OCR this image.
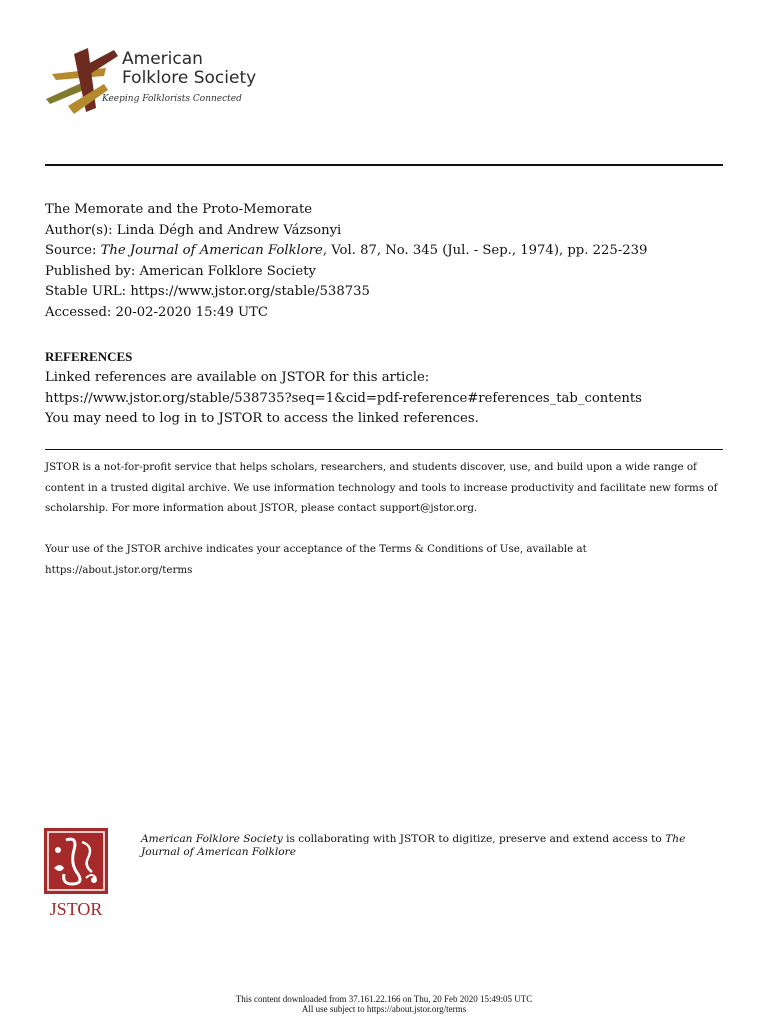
American
Folklore Society
Keeping Folklorists Connected
The Memorate and the Proto-Memorate
Author(s): Linda Dégh and Andrew Vázsonyi
Source: The Journal of American Folklore, Vol. 87, No. 345 (Jul. - Sep., 1974), pp. 225-239
Published by: American Folklore Society
Stable URL: https://www.jstor.org/stable/538735
Accessed: 20-02-2020 15:49 UTC
REFERENCES
Linked references are available on JSTOR for this article:
https://www.jstor.org/stable/538735?seq=1&cid=pdf-reference#references_tab_contents
You may need to log in to JSTOR to access the linked references.

JSTOR is a not-for-profit service that helps scholars, researchers, and students discover, use, and build upon a wide range of content in a trusted digital archive. We use information technology and tools to increase productivity and facilitate new forms of scholarship. For more information about JSTOR, please contact support@jstor.org.

Your use of the JSTOR archive indicates your acceptance of the Terms & Conditions of Use, available at https://about.jstor.org/terms

JSTOR
American Folklore Society is collaborating with JSTOR to digitize, preserve and extend access to The Journal of American Folklore
This content downloaded from 37.161.22.166 on Thu, 20 Feb 2020 15:49:05 UTC
All use subject to https://about.jstor.org/terms
